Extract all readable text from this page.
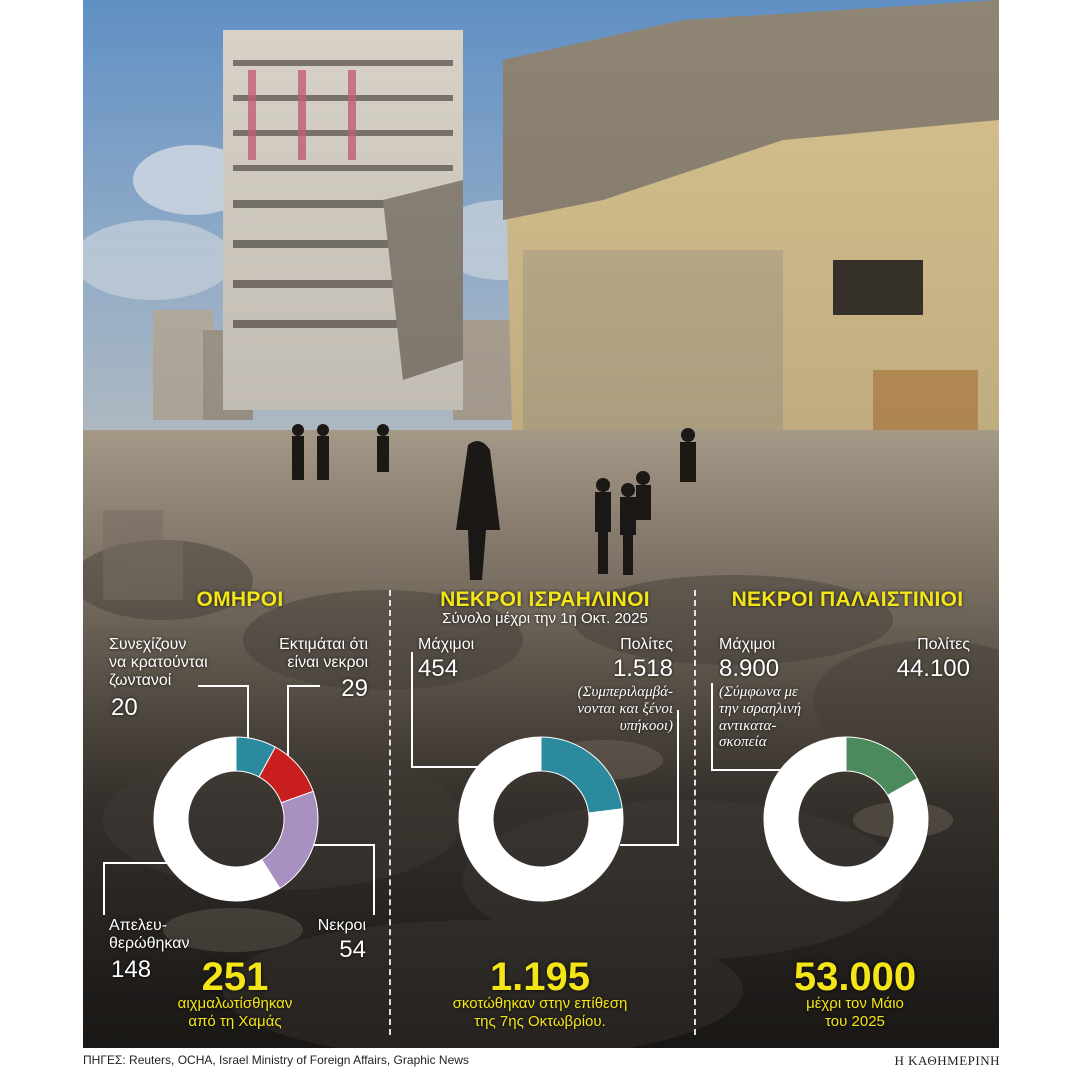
ΟΜΗΡΟΙ
Συνεχίζουν
να κρατούνται
ζωντανοί
20
Εκτιμάται ότι
είναι νεκροι
29
Απελευ-
θερώθηκαν
148
Νεκροι
54
251
αιχμαλωτίσθηκαν
από τη Χαμάς
ΝΕΚΡΟΙ ΙΣΡΑΗΛΙΝΟΙ
Σύνολο μέχρι την 1η Οκτ. 2025
Μάχιμοι
454
Πολίτες
1.518
(Συμπεριλαμβά-
νονται και ξένοι
υπήκοοι)
1.195
σκοτώθηκαν στην επίθεση
της 7ης Οκτωβρίου.
ΝΕΚΡΟΙ ΠΑΛΑΙΣΤΙΝΙΟΙ
Μάχιμοι
8.900
(Σύμφωνα με
την ισραηλινή
αντικατα-
σκοπεία
Πολίτες
44.100
53.000
μέχρι τον Μάιο
του 2025
ΠΗΓΕΣ: Reuters, OCHA, Israel Ministry of Foreign Affairs, Graphic News	Η ΚΑΘΗΜΕΡΙΝΗ
